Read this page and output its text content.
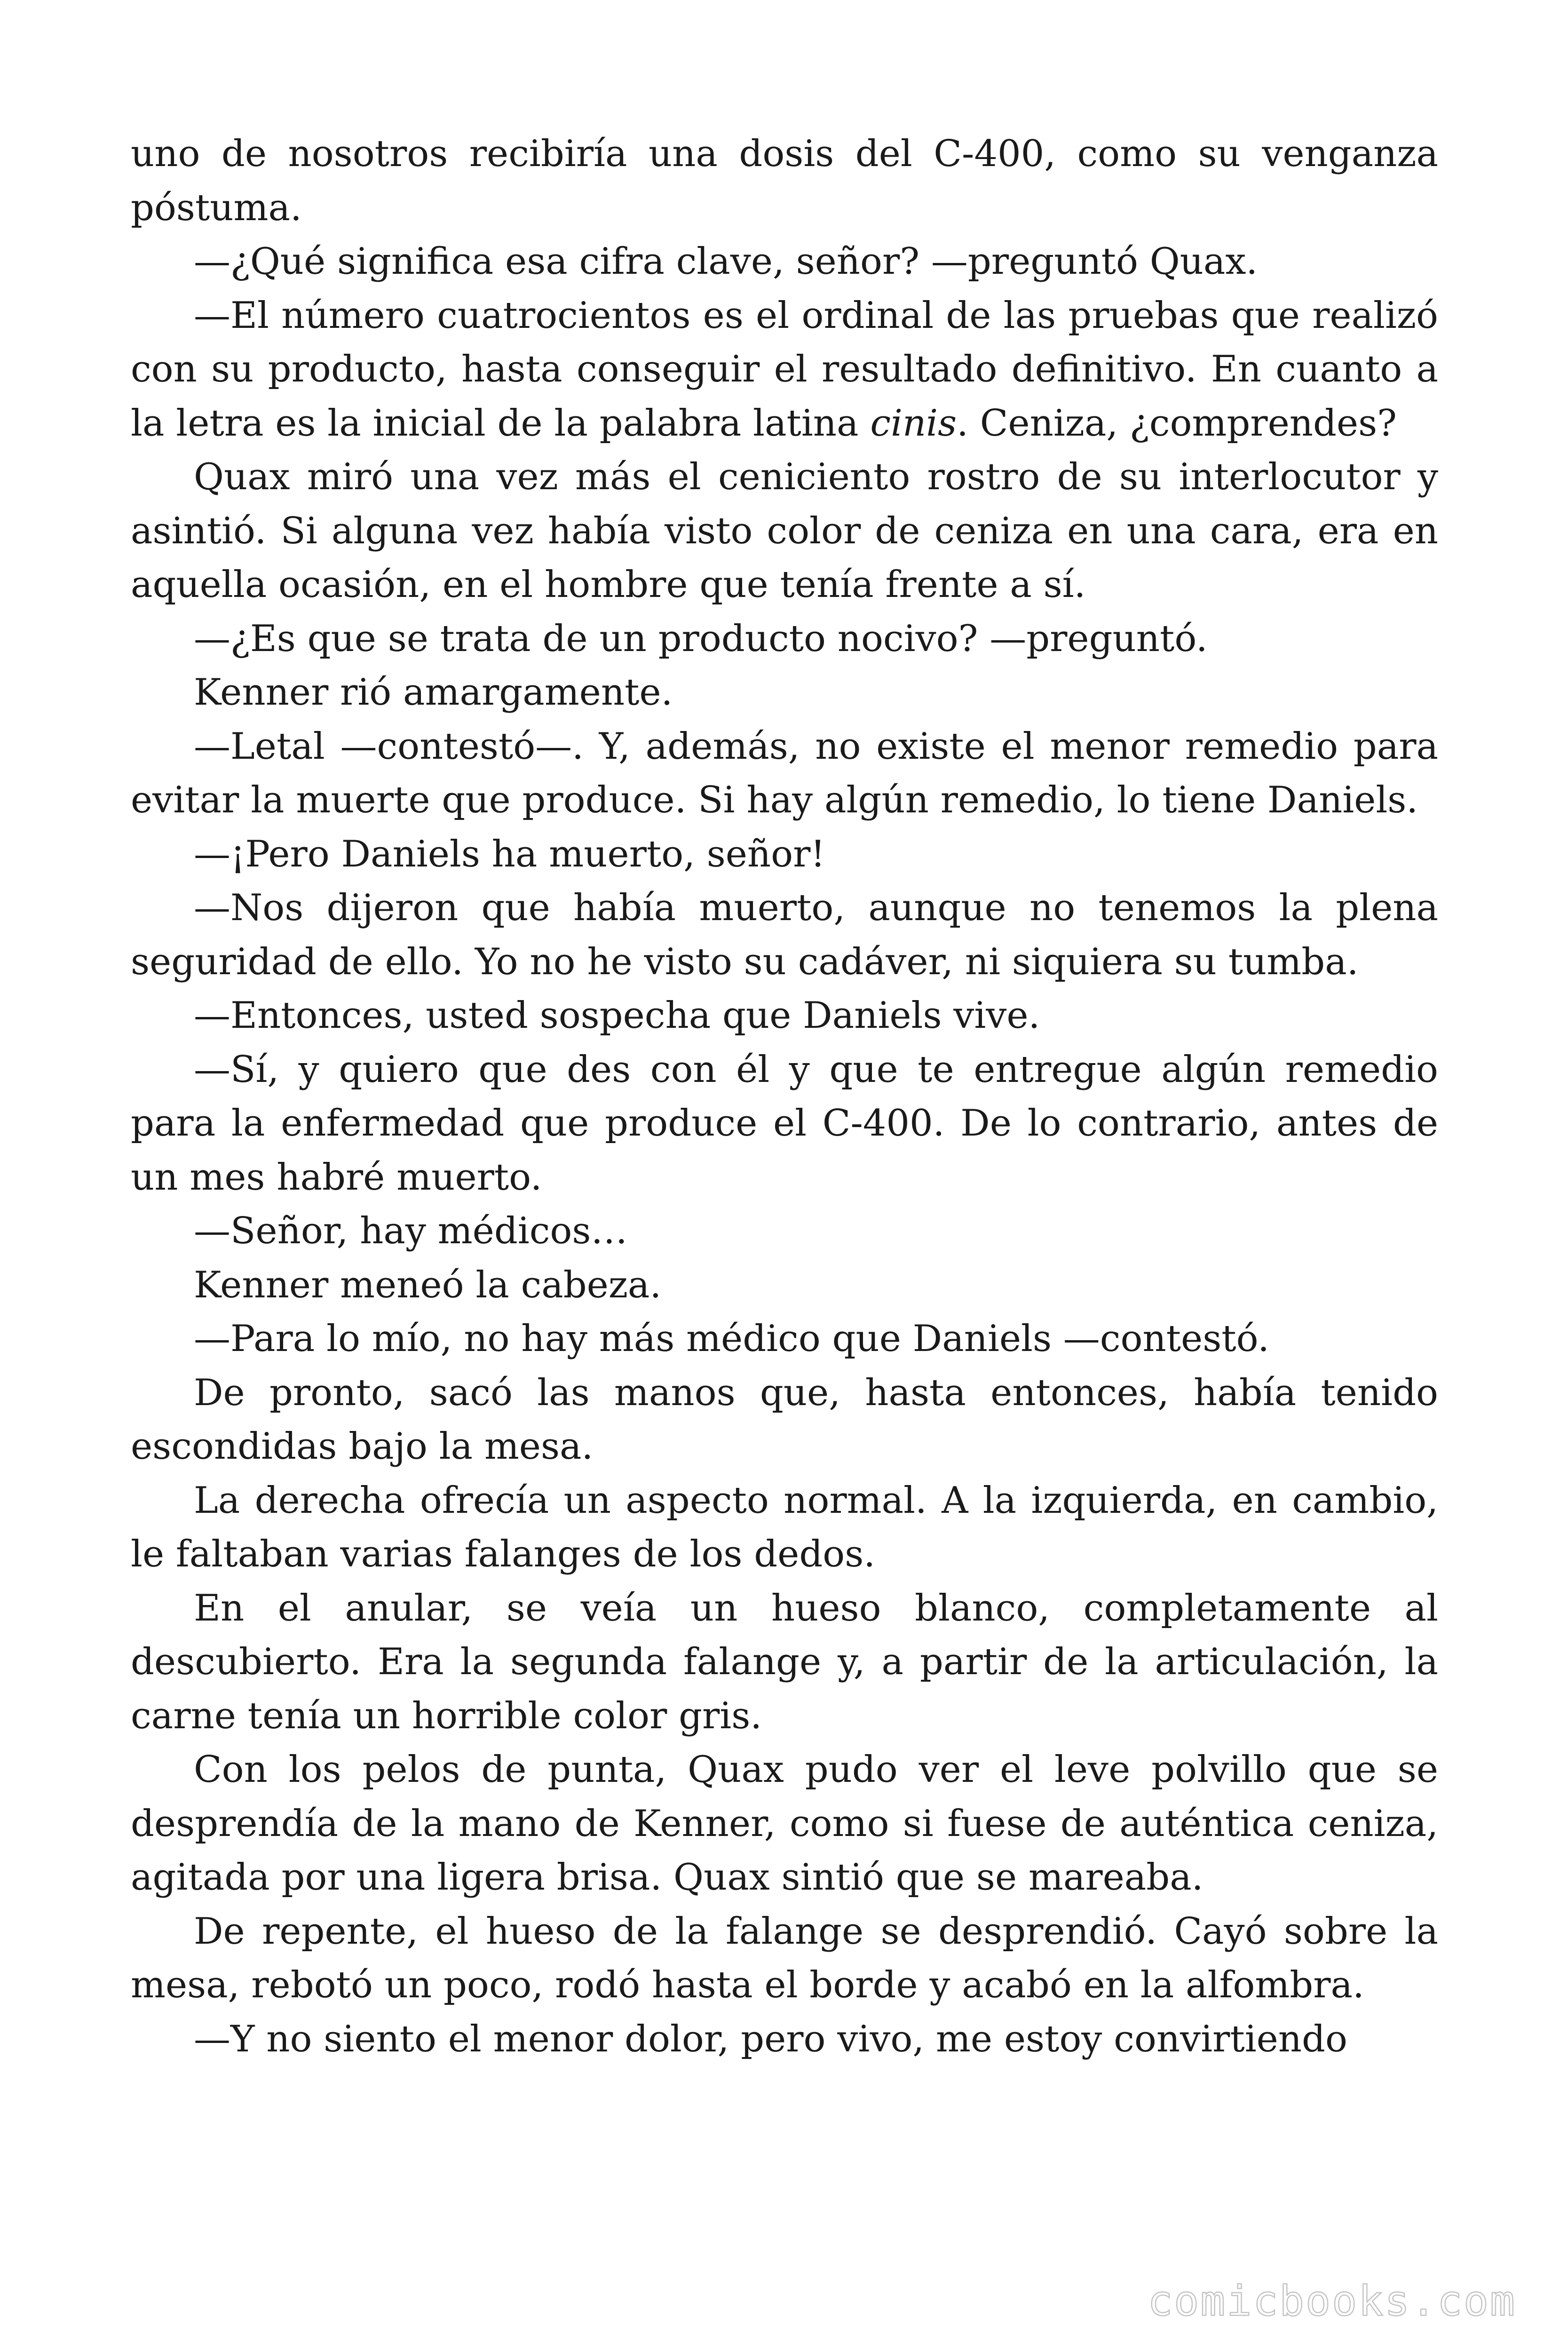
uno de nosotros recibiría una dosis del C-400, como su venganza póstuma.

—¿Qué significa esa cifra clave, señor? —preguntó Quax.

—El número cuatrocientos es el ordinal de las pruebas que realizó con su producto, hasta conseguir el resultado definitivo. En cuanto a la letra es la inicial de la palabra latina cinis. Ceniza, ¿comprendes?

Quax miró una vez más el ceniciento rostro de su interlocutor y asintió. Si alguna vez había visto color de ceniza en una cara, era en aquella ocasión, en el hombre que tenía frente a sí.

—¿Es que se trata de un producto nocivo? —preguntó.

Kenner rió amargamente.

—Letal —contestó—. Y, además, no existe el menor remedio para evitar la muerte que produce. Si hay algún remedio, lo tiene Daniels.

—¡Pero Daniels ha muerto, señor!

—Nos dijeron que había muerto, aunque no tenemos la plena seguridad de ello. Yo no he visto su cadáver, ni siquiera su tumba.

—Entonces, usted sospecha que Daniels vive.

—Sí, y quiero que des con él y que te entregue algún remedio para la enfermedad que produce el C-400. De lo contrario, antes de un mes habré muerto.

—Señor, hay médicos…

Kenner meneó la cabeza.

—Para lo mío, no hay más médico que Daniels —contestó.

De pronto, sacó las manos que, hasta entonces, había tenido escondidas bajo la mesa.

La derecha ofrecía un aspecto normal. A la izquierda, en cambio, le faltaban varias falanges de los dedos.

En el anular, se veía un hueso blanco, completamente al descubierto. Era la segunda falange y, a partir de la articulación, la carne tenía un horrible color gris.

Con los pelos de punta, Quax pudo ver el leve polvillo que se desprendía de la mano de Kenner, como si fuese de auténtica ceniza, agitada por una ligera brisa. Quax sintió que se mareaba.

De repente, el hueso de la falange se desprendió. Cayó sobre la mesa, rebotó un poco, rodó hasta el borde y acabó en la alfombra.

—Y no siento el menor dolor, pero vivo, me estoy convirtiendo

comicbooks.com
